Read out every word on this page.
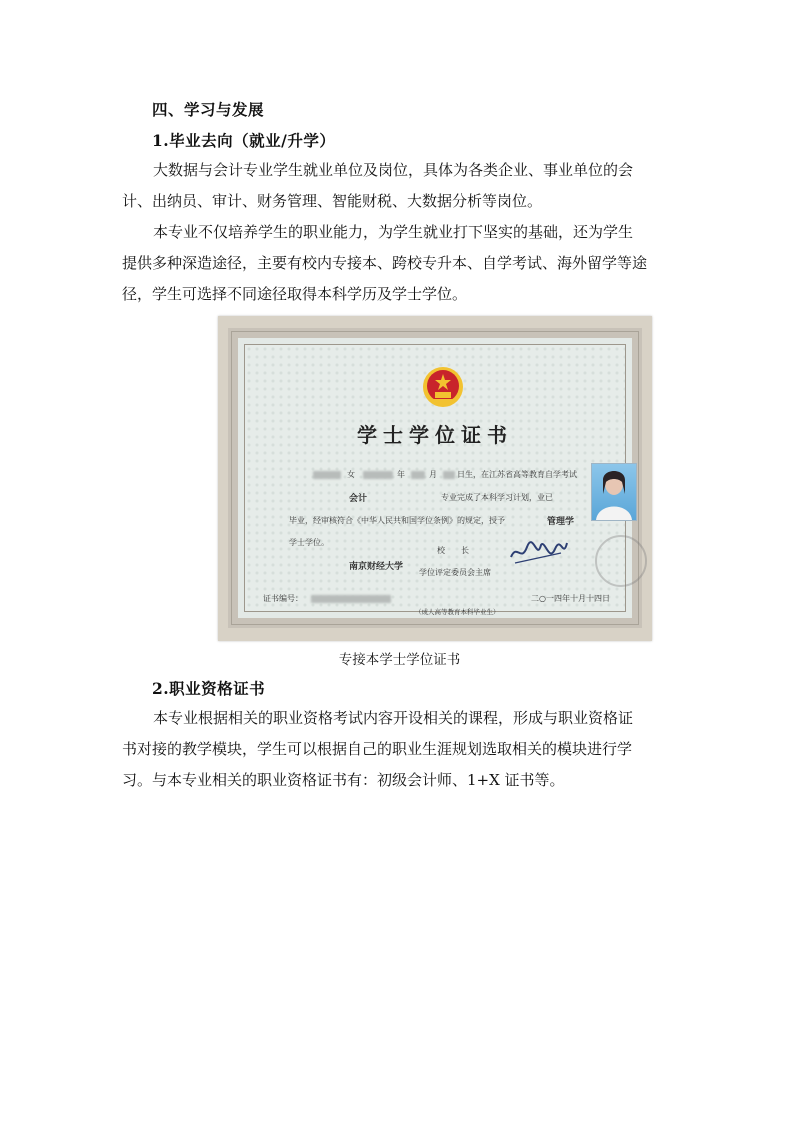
四、学习与发展
1.毕业去向（就业/升学）
大数据与会计专业学生就业单位及岗位，具体为各类企业、事业单位的会
计、出纳员、审计、财务管理、智能财税、大数据分析等岗位。
本专业不仅培养学生的职业能力，为学生就业打下坚实的基础，还为学生
提供多种深造途径，主要有校内专接本、跨校专升本、自学考试、海外留学等途
径，学生可选择不同途径取得本科学历及学士学位。
学士学位证书
女	年	月	日生，在江苏省高等教育自学考试
会计	专业完成了本科学习计划，业已
毕业，经审核符合《中华人民共和国学位条例》的规定，授予	管理学
学士学位。
校　　长
南京财经大学
学位评定委员会主席
证书编号：	二○一四年十月十四日
（成人高等教育本科毕业生）
专接本学士学位证书
2.职业资格证书
本专业根据相关的职业资格考试内容开设相关的课程，形成与职业资格证
书对接的教学模块，学生可以根据自己的职业生涯规划选取相关的模块进行学
习。与本专业相关的职业资格证书有：初级会计师、1+X 证书等。
